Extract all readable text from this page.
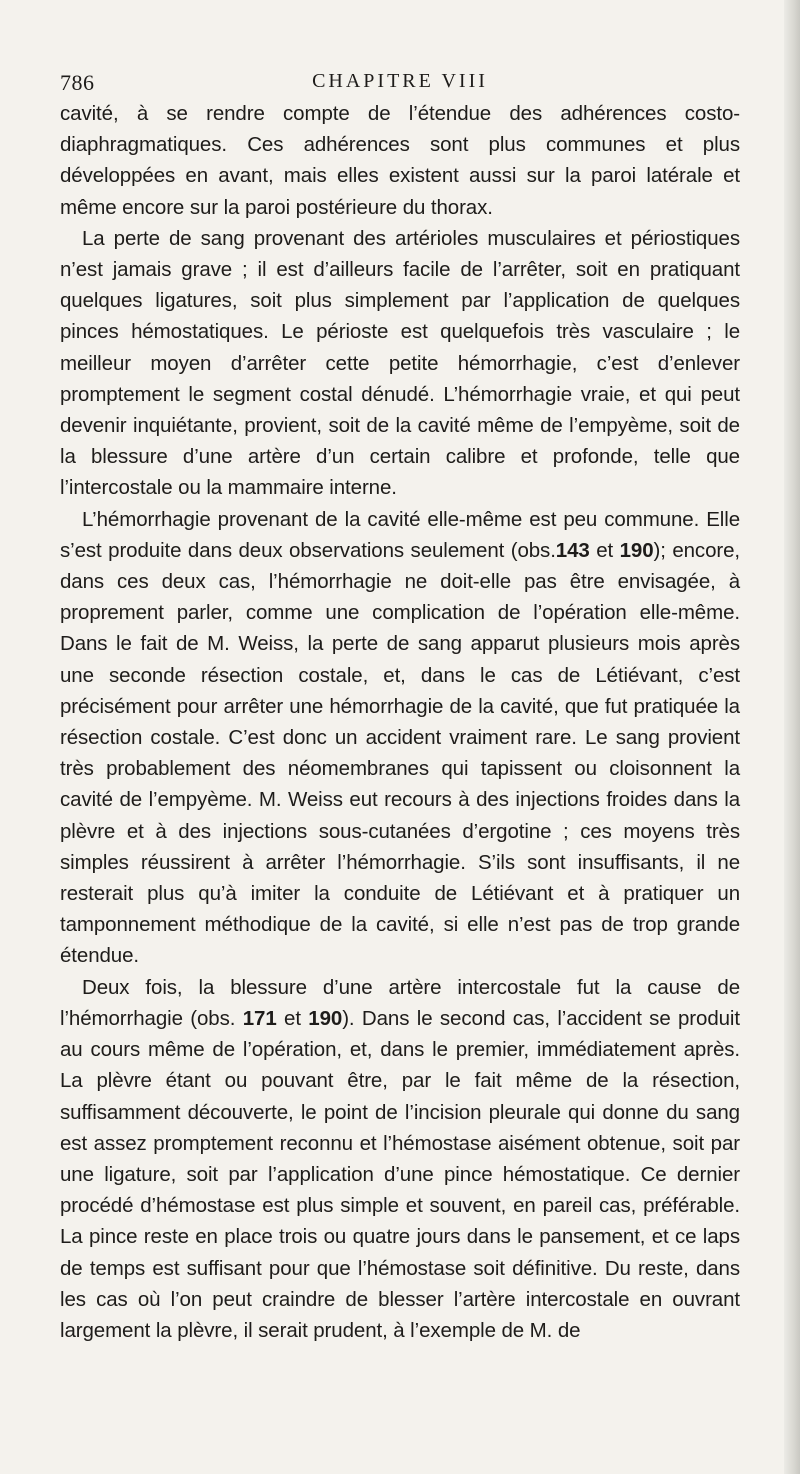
786	CHAPITRE VIII

cavité, à se rendre compte de l’étendue des adhérences costo-diaphragmatiques. Ces adhérences sont plus communes et plus développées en avant, mais elles existent aussi sur la paroi latérale et même encore sur la paroi postérieure du thorax.

La perte de sang provenant des artérioles musculaires et périostiques n’est jamais grave ; il est d’ailleurs facile de l’arrêter, soit en pratiquant quelques ligatures, soit plus simplement par l’application de quelques pinces hémostatiques. Le périoste est quelquefois très vasculaire ; le meilleur moyen d’arrêter cette petite hémorrhagie, c’est d’enlever promptement le segment costal dénudé. L’hémorrhagie vraie, et qui peut devenir inquiétante, provient, soit de la cavité même de l’empyème, soit de la blessure d’une artère d’un certain calibre et profonde, telle que l’intercostale ou la mammaire interne.

L’hémorrhagie provenant de la cavité elle-même est peu commune. Elle s’est produite dans deux observations seulement (obs.143 et 190); encore, dans ces deux cas, l’hémorrhagie ne doit-elle pas être envisagée, à proprement parler, comme une complication de l’opération elle-même. Dans le fait de M. Weiss, la perte de sang apparut plusieurs mois après une seconde résection costale, et, dans le cas de Létiévant, c’est précisément pour arrêter une hémorrhagie de la cavité, que fut pratiquée la résection costale. C’est donc un accident vraiment rare. Le sang provient très probablement des néomembranes qui tapissent ou cloisonnent la cavité de l’empyème. M. Weiss eut recours à des injections froides dans la plèvre et à des injections sous-cutanées d’ergotine ; ces moyens très simples réussirent à arrêter l’hémorrhagie. S’ils sont insuffisants, il ne resterait plus qu’à imiter la conduite de Létiévant et à pratiquer un tamponnement méthodique de la cavité, si elle n’est pas de trop grande étendue.

Deux fois, la blessure d’une artère intercostale fut la cause de l’hémorrhagie (obs. 171 et 190). Dans le second cas, l’accident se produit au cours même de l’opération, et, dans le premier, immédiatement après. La plèvre étant ou pouvant être, par le fait même de la résection, suffisamment découverte, le point de l’incision pleurale qui donne du sang est assez promptement reconnu et l’hémostase aisément obtenue, soit par une ligature, soit par l’application d’une pince hémostatique. Ce dernier procédé d’hémostase est plus simple et souvent, en pareil cas, préférable. La pince reste en place trois ou quatre jours dans le pansement, et ce laps de temps est suffisant pour que l’hémostase soit définitive. Du reste, dans les cas où l’on peut craindre de blesser l’artère intercostale en ouvrant largement la plèvre, il serait prudent, à l’exemple de M. de
